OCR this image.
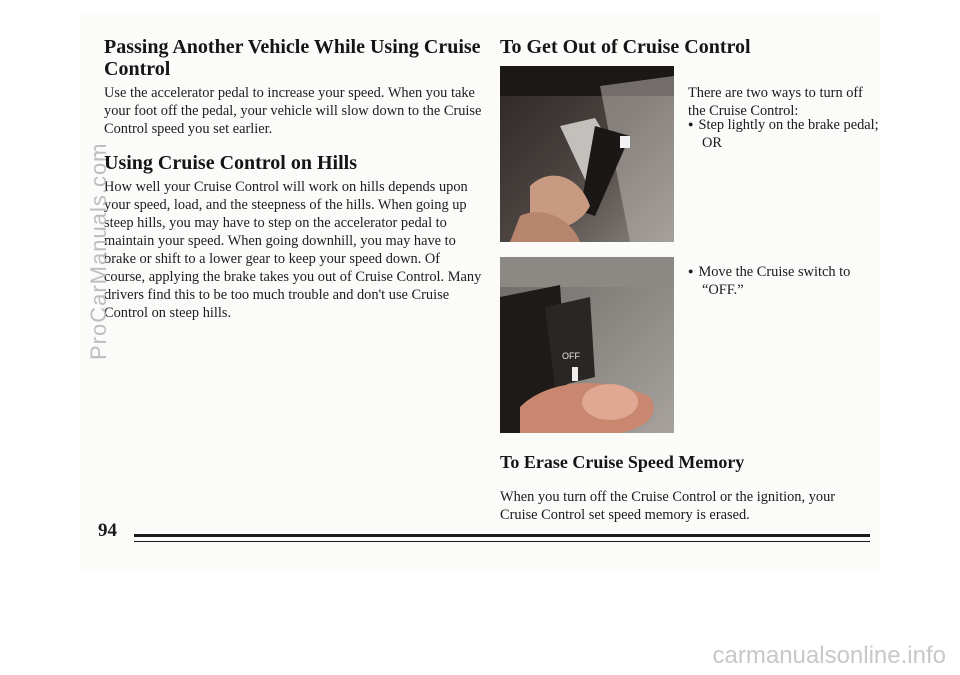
Passing Another Vehicle While Using Cruise Control

Use the accelerator pedal to increase your speed. When you take your foot off the pedal, your vehicle will slow down to the Cruise Control speed you set earlier.

Using Cruise Control on Hills

How well your Cruise Control will work on hills depends upon your speed, load, and the steepness of the hills. When going up steep hills, you may have to step on the accelerator pedal to maintain your speed. When going downhill, you may have to brake or shift to a lower gear to keep your speed down. Of course, applying the brake takes you out of Cruise Control. Many drivers find this to be too much trouble and don't use Cruise Control on steep hills.

To Get Out of Cruise Control
OFF

There are two ways to turn off the Cruise Control:

● Step lightly on the brake pedal; OR

● Move the Cruise switch to “OFF.”

To Erase Cruise Speed Memory

When you turn off the Cruise Control or the ignition, your Cruise Control set speed memory is erased.

94
ProCarManuals.com
carmanualsonline.info
